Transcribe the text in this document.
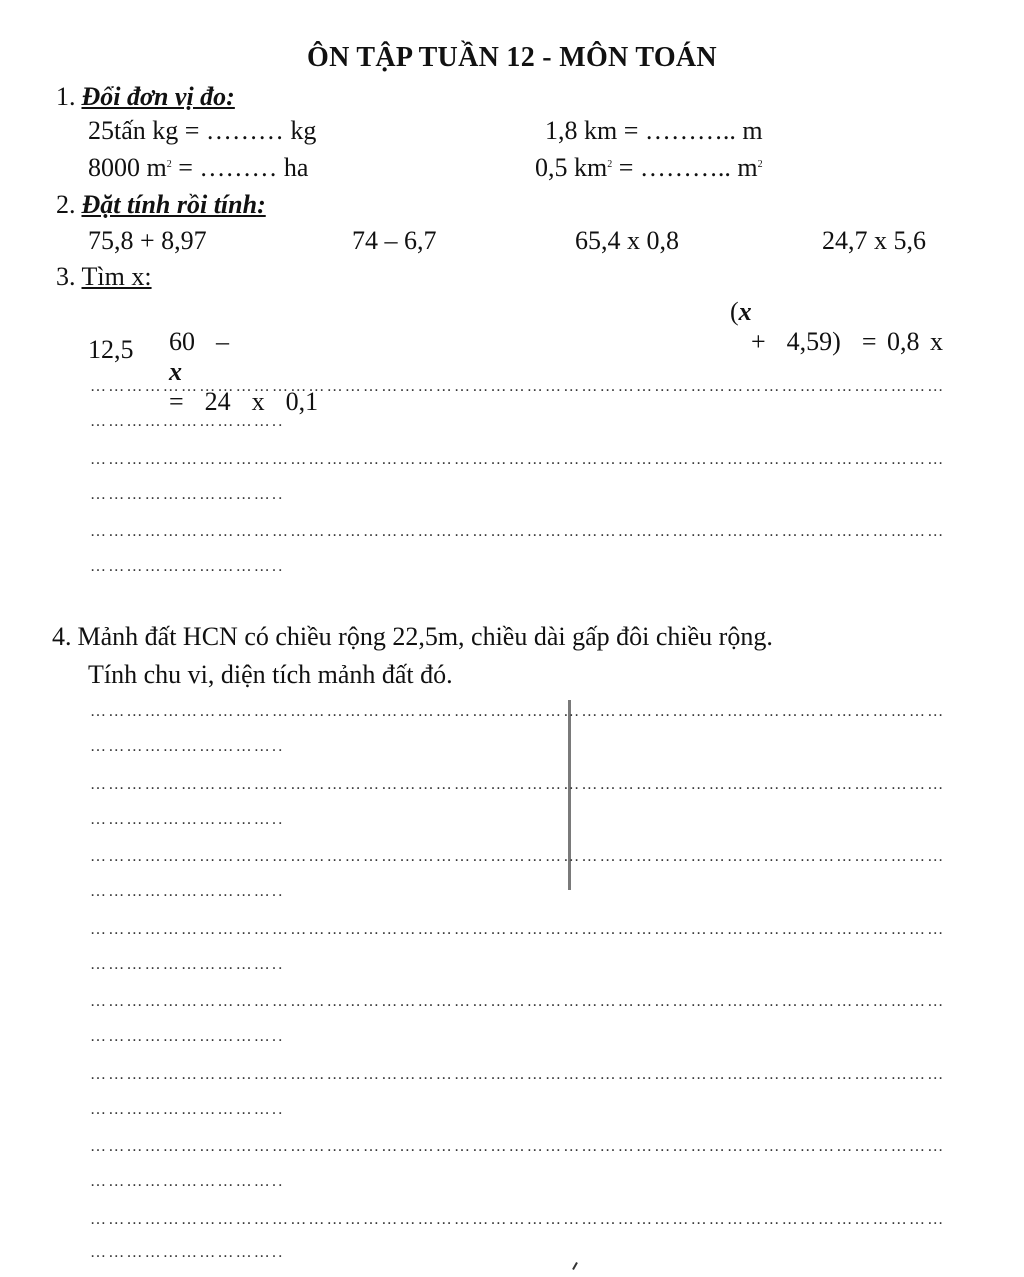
ÔN TẬP TUẦN 12 - MÔN TOÁN
1. Đổi đơn vị đo:
25tấn kg = ……… kg	1,8 km = ……….. m
8000 $m^2$ = ……… ha	0,5 $km^2$ = ……….. $m^2$
2. Đặt tính rồi tính:
75,8 + 8,97	74 – 6,7	65,4 x 0,8	24,7 x 5,6
3. Tìm x:

60  –
x
=  24  x  0,1

(x
+  4,59)  = 0,8 x
12,5
……………………………………………………………………………………………………………………………
…………………………..
……………………………………………………………………………………………………………………………
…………………………..
……………………………………………………………………………………………………………………………
…………………………..
4. Mảnh đất HCN có chiều rộng 22,5m, chiều dài gấp đôi chiều rộng.
Tính chu vi, diện tích mảnh đất đó.
……………………………………………………………………………………………………………………………
…………………………..
……………………………………………………………………………………………………………………………
…………………………..
……………………………………………………………………………………………………………………………
…………………………..
……………………………………………………………………………………………………………………………
…………………………..
……………………………………………………………………………………………………………………………
…………………………..
……………………………………………………………………………………………………………………………
…………………………..
……………………………………………………………………………………………………………………………
…………………………..
……………………………………………………………………………………………………………………………
…………………………..
